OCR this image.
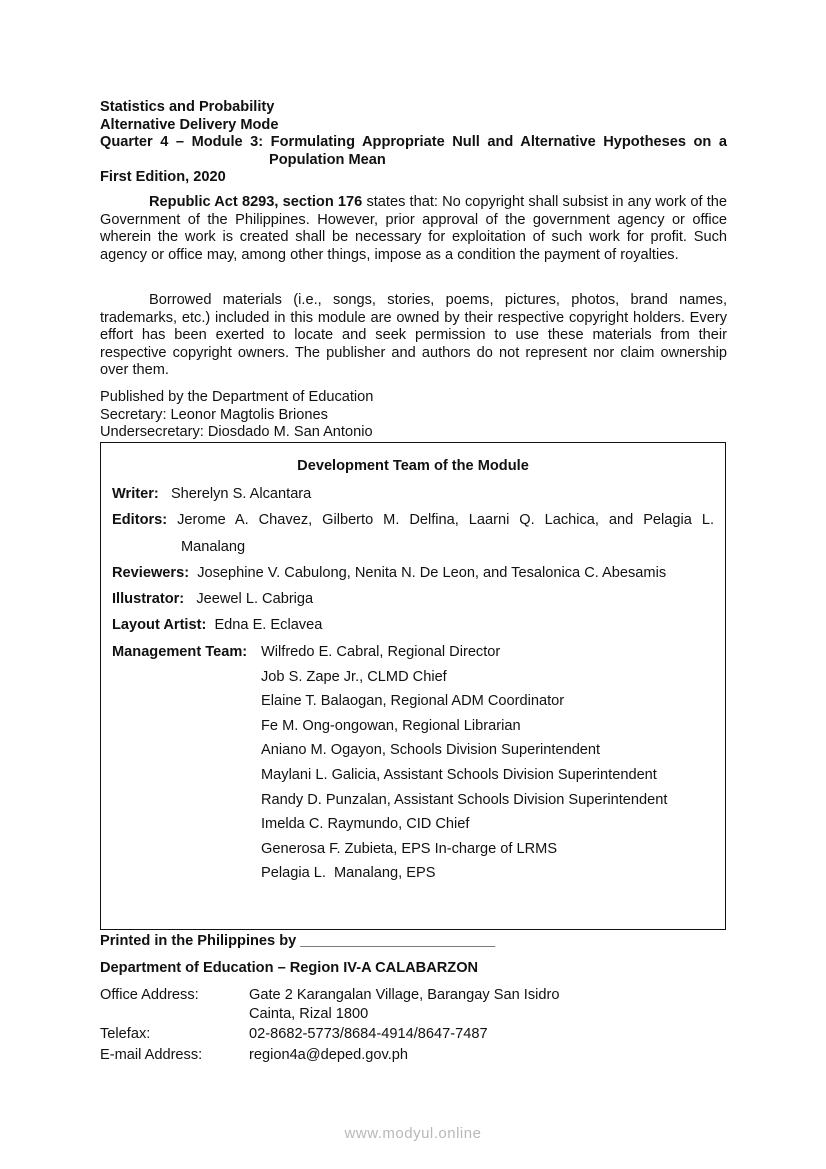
Statistics and Probability
Alternative Delivery Mode
Quarter 4 – Module 3: Formulating Appropriate Null and Alternative Hypotheses on a
Population Mean
First Edition, 2020

Republic Act 8293, section 176 states that: No copyright shall subsist in any work of the Government of the Philippines. However, prior approval of the government agency or office wherein the work is created shall be necessary for exploitation of such work for profit. Such agency or office may, among other things, impose as a condition the payment of royalties.

Borrowed materials (i.e., songs, stories, poems, pictures, photos, brand names, trademarks, etc.) included in this module are owned by their respective copyright holders. Every effort has been exerted to locate and seek permission to use these materials from their respective copyright owners. The publisher and authors do not represent nor claim ownership over them.

Published by the Department of Education
Secretary: Leonor Magtolis Briones
Undersecretary: Diosdado M. San Antonio
Development Team of the Module
Writer: Sherelyn S. Alcantara
Editors: Jerome A. Chavez, Gilberto M. Delfina, Laarni Q. Lachica, and Pelagia L.
Manalang
Reviewers: Josephine V. Cabulong, Nenita N. De Leon, and Tesalonica C. Abesamis
Illustrator: Jeewel L. Cabriga
Layout Artist: Edna E. Eclavea
Management Team: Wilfredo E. Cabral, Regional Director
Job S. Zape Jr., CLMD Chief
Elaine T. Balaogan, Regional ADM Coordinator
Fe M. Ong-ongowan, Regional Librarian
Aniano M. Ogayon, Schools Division Superintendent
Maylani L. Galicia, Assistant Schools Division Superintendent
Randy D. Punzalan, Assistant Schools Division Superintendent
Imelda C. Raymundo, CID Chief
Generosa F. Zubieta, EPS In-charge of LRMS
Pelagia L.  Manalang, EPS
Printed in the Philippines by ________________________
Department of Education – Region IV-A CALABARZON
Office Address:	Gate 2 Karangalan Village, Barangay San Isidro
Cainta, Rizal 1800
Telefax:	02-8682-5773/8684-4914/8647-7487
E-mail Address:	region4a@deped.gov.ph
www.modyul.online
